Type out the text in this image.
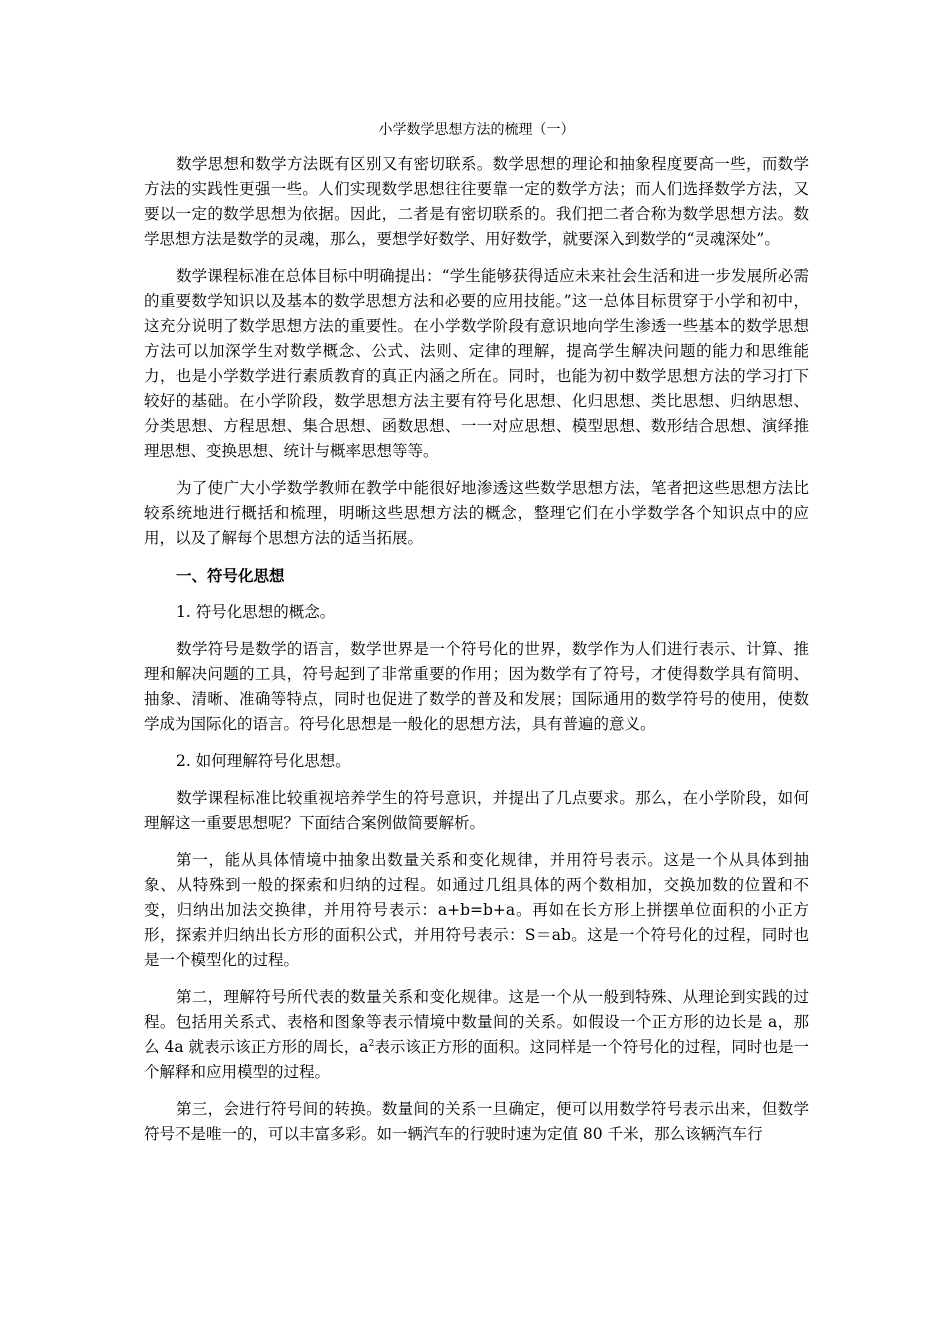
小学数学思想方法的梳理（一）

数学思想和数学方法既有区别又有密切联系。数学思想的理论和抽象程度要高一些，而数学方法的实践性更强一些。人们实现数学思想往往要靠一定的数学方法；而人们选择数学方法，又要以一定的数学思想为依据。因此，二者是有密切联系的。我们把二者合称为数学思想方法。数学思想方法是数学的灵魂，那么，要想学好数学、用好数学，就要深入到数学的“灵魂深处”。

数学课程标准在总体目标中明确提出：“学生能够获得适应未来社会生活和进一步发展所必需的重要数学知识以及基本的数学思想方法和必要的应用技能。”这一总体目标贯穿于小学和初中，这充分说明了数学思想方法的重要性。在小学数学阶段有意识地向学生渗透一些基本的数学思想方法可以加深学生对数学概念、公式、法则、定律的理解，提高学生解决问题的能力和思维能力，也是小学数学进行素质教育的真正内涵之所在。同时，也能为初中数学思想方法的学习打下较好的基础。在小学阶段，数学思想方法主要有符号化思想、化归思想、类比思想、归纳思想、分类思想、方程思想、集合思想、函数思想、一一对应思想、模型思想、数形结合思想、演绎推理思想、变换思想、统计与概率思想等等。

为了使广大小学数学教师在教学中能很好地渗透这些数学思想方法，笔者把这些思想方法比较系统地进行概括和梳理，明晰这些思想方法的概念，整理它们在小学数学各个知识点中的应用，以及了解每个思想方法的适当拓展。

一、符号化思想
1. 符号化思想的概念。

数学符号是数学的语言，数学世界是一个符号化的世界，数学作为人们进行表示、计算、推理和解决问题的工具，符号起到了非常重要的作用；因为数学有了符号，才使得数学具有简明、抽象、清晰、准确等特点，同时也促进了数学的普及和发展；国际通用的数学符号的使用，使数学成为国际化的语言。符号化思想是一般化的思想方法，具有普遍的意义。

2. 如何理解符号化思想。

数学课程标准比较重视培养学生的符号意识，并提出了几点要求。那么，在小学阶段，如何理解这一重要思想呢？下面结合案例做简要解析。

第一，能从具体情境中抽象出数量关系和变化规律，并用符号表示。这是一个从具体到抽象、从特殊到一般的探索和归纳的过程。如通过几组具体的两个数相加，交换加数的位置和不变，归纳出加法交换律，并用符号表示：a+b=b+a。再如在长方形上拼摆单位面积的小正方形，探索并归纳出长方形的面积公式，并用符号表示：S＝ab。这是一个符号化的过程，同时也是一个模型化的过程。

第二，理解符号所代表的数量关系和变化规律。这是一个从一般到特殊、从理论到实践的过程。包括用关系式、表格和图象等表示情境中数量间的关系。如假设一个正方形的边长是 a，那么 4a 就表示该正方形的周长，$a^2$表示该正方形的面积。这同样是一个符号化的过程，同时也是一个解释和应用模型的过程。

第三，会进行符号间的转换。数量间的关系一旦确定，便可以用数学符号表示出来，但数学符号不是唯一的，可以丰富多彩。如一辆汽车的行驶时速为定值 80 千米，那么该辆汽车行
